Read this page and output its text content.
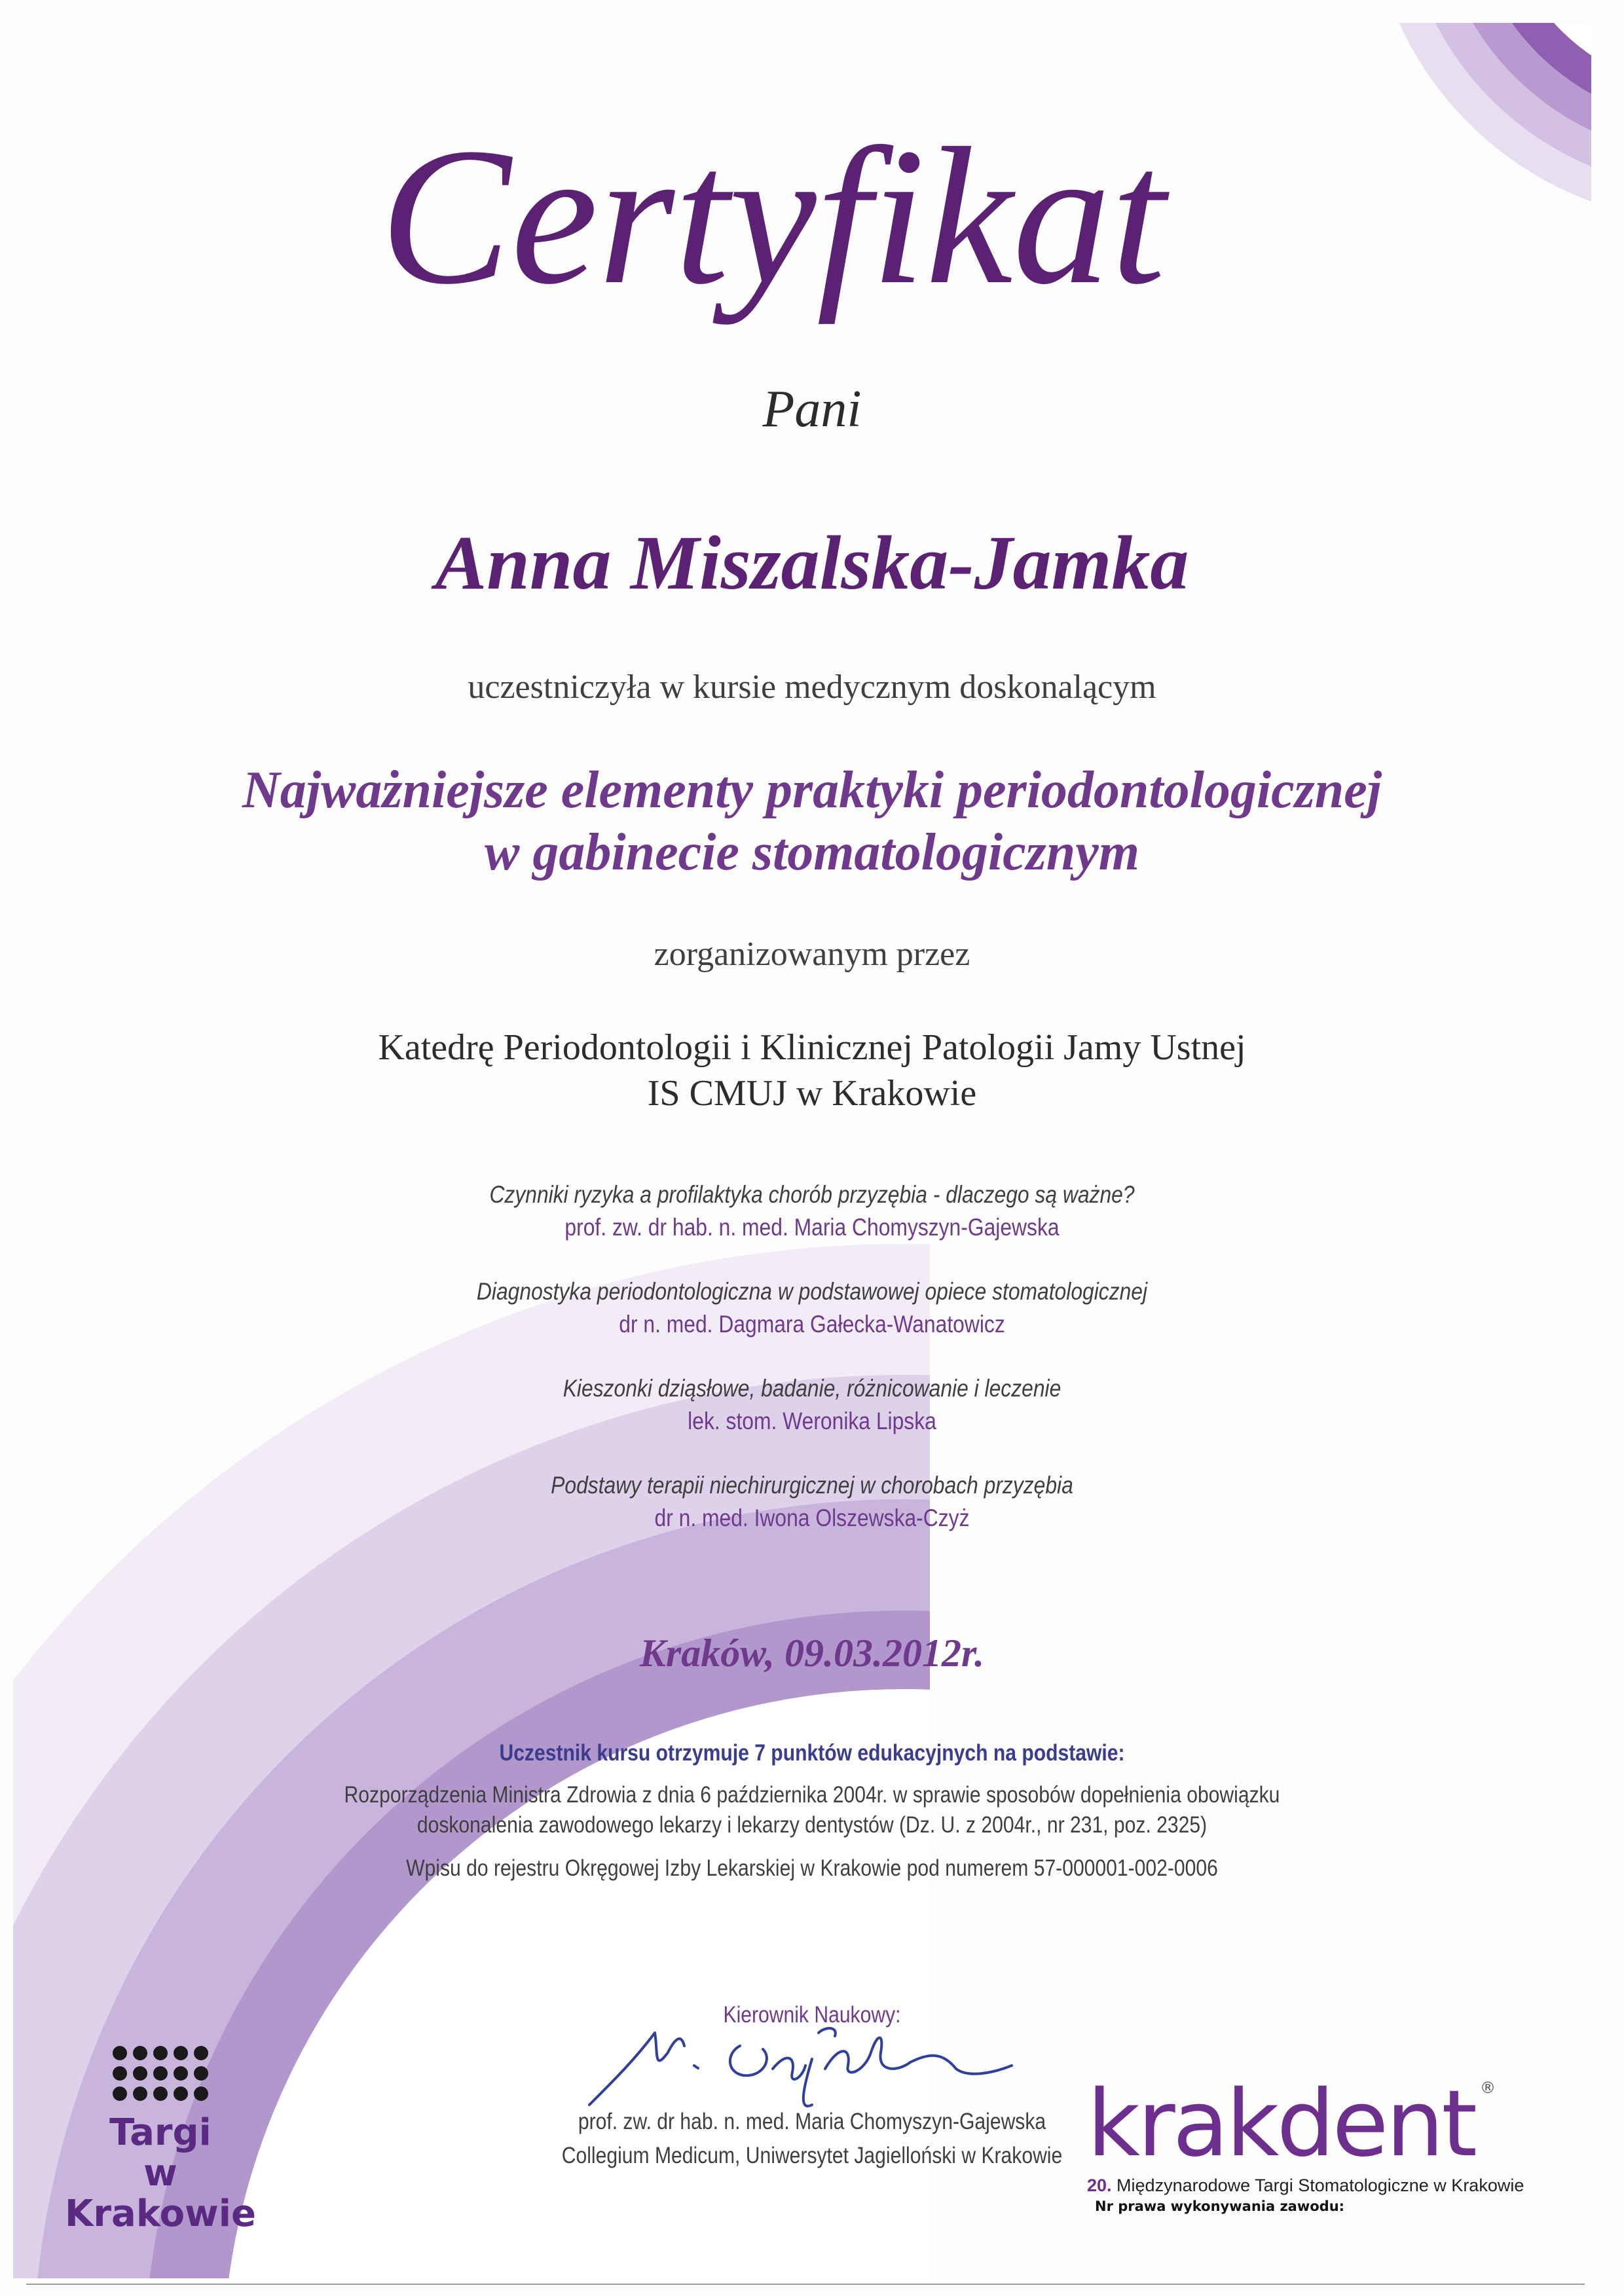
Certyfikat
Pani
Anna Miszalska-Jamka
uczestniczyła w kursie medycznym doskonalącym
Najważniejsze elementy praktyki periodontologicznej
w gabinecie stomatologicznym
zorganizowanym przez
Katedrę Periodontologii i Klinicznej Patologii Jamy Ustnej
IS CMUJ w Krakowie
Czynniki ryzyka a profilaktyka chorób przyzębia - dlaczego są ważne?
prof. zw. dr hab. n. med. Maria Chomyszyn-Gajewska
Diagnostyka periodontologiczna w podstawowej opiece stomatologicznej
dr n. med. Dagmara Gałecka-Wanatowicz
Kieszonki dziąsłowe, badanie, różnicowanie i leczenie
lek. stom. Weronika Lipska
Podstawy terapii niechirurgicznej w chorobach przyzębia
dr n. med. Iwona Olszewska-Czyż
Kraków, 09.03.2012r.
Uczestnik kursu otrzymuje 7 punktów edukacyjnych na podstawie:
Rozporządzenia Ministra Zdrowia z dnia 6 października 2004r. w sprawie sposobów dopełnienia obowiązku
doskonalenia zawodowego lekarzy i lekarzy dentystów (Dz. U. z 2004r., nr 231, poz. 2325)
Wpisu do rejestru Okręgowej Izby Lekarskiej w Krakowie pod numerem 57-000001-002-0006
Kierownik Naukowy:
prof. zw. dr hab. n. med. Maria Chomyszyn-Gajewska
Collegium Medicum, Uniwersytet Jagielloński w Krakowie
Targi
w Krakowie
krakdent ®
20. Międzynarodowe Targi Stomatologiczne w Krakowie
Nr prawa wykonywania zawodu:
